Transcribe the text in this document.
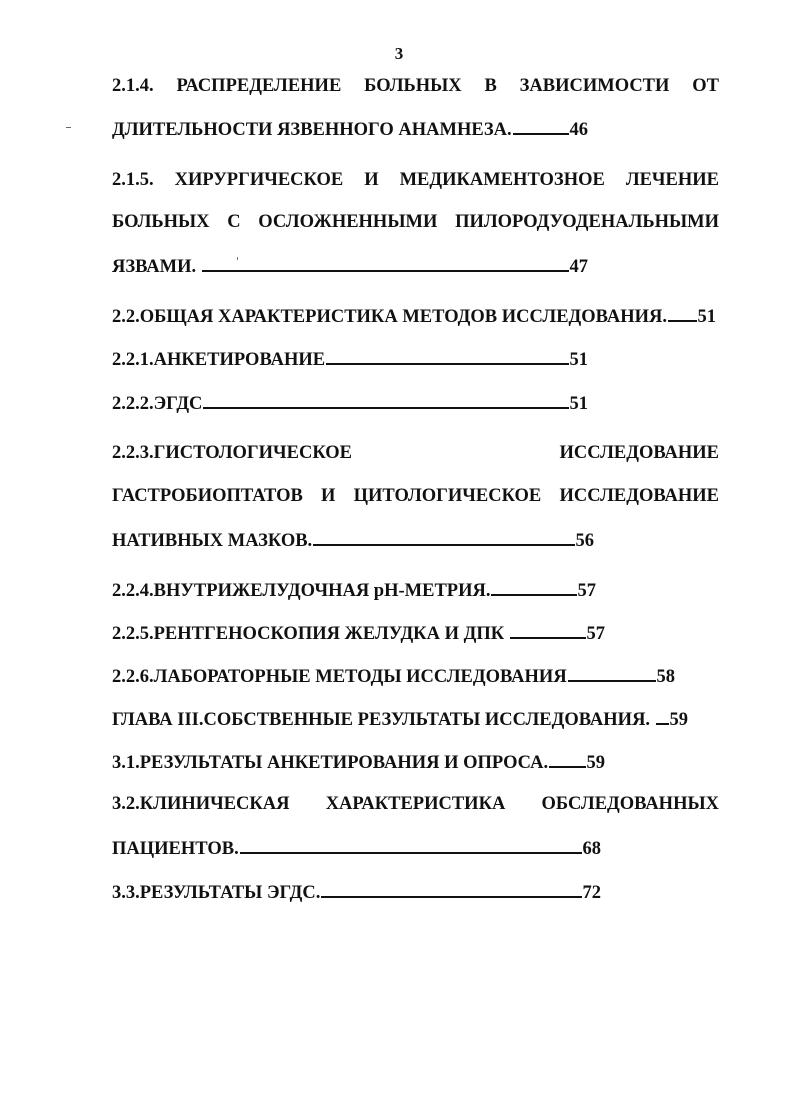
3
2.1.4. РАСПРЕДЕЛЕНИЕ БОЛЬНЫХ В ЗАВИСИМОСТИ ОТ
ДЛИТЕЛЬНОСТИ ЯЗВЕННОГО АНАМНЕЗА.	46
2.1.5. ХИРУРГИЧЕСКОЕ И МЕДИКАМЕНТОЗНОЕ ЛЕЧЕНИЕ
БОЛЬНЫХ С ОСЛОЖНЕННЫМИ ПИЛОРОДУОДЕНАЛЬНЫМИ
ЯЗВАМИ.	47
2.2.ОБЩАЯ ХАРАКТЕРИСТИКА МЕТОДОВ ИССЛЕДОВАНИЯ. 51
2.2.1.АНКЕТИРОВАНИЕ	51
2.2.2.ЭГДС	51
2.2.3.ГИСТОЛОГИЧЕСКОЕ	ИССЛЕДОВАНИЕ
ГАСТРОБИОПТАТОВ И ЦИТОЛОГИЧЕСКОЕ ИССЛЕДОВАНИЕ
НАТИВНЫХ МАЗКОВ.	56
2.2.4.ВНУТРИЖЕЛУДОЧНАЯ pH-МЕТРИЯ.	57
2.2.5.РЕНТГЕНОСКОПИЯ ЖЕЛУДКА И ДПК	57
2.2.6.ЛАБОРАТОРНЫЕ МЕТОДЫ ИССЛЕДОВАНИЯ	58
ГЛАВА III.СОБСТВЕННЫЕ РЕЗУЛЬТАТЫ ИССЛЕДОВАНИЯ. 59
3.1.РЕЗУЛЬТАТЫ АНКЕТИРОВАНИЯ И ОПРОСА. 59
3.2.КЛИНИЧЕСКАЯ ХАРАКТЕРИСТИКА ОБСЛЕДОВАННЫХ
ПАЦИЕНТОВ.	68
3.3.РЕЗУЛЬТАТЫ ЭГДС.	72
